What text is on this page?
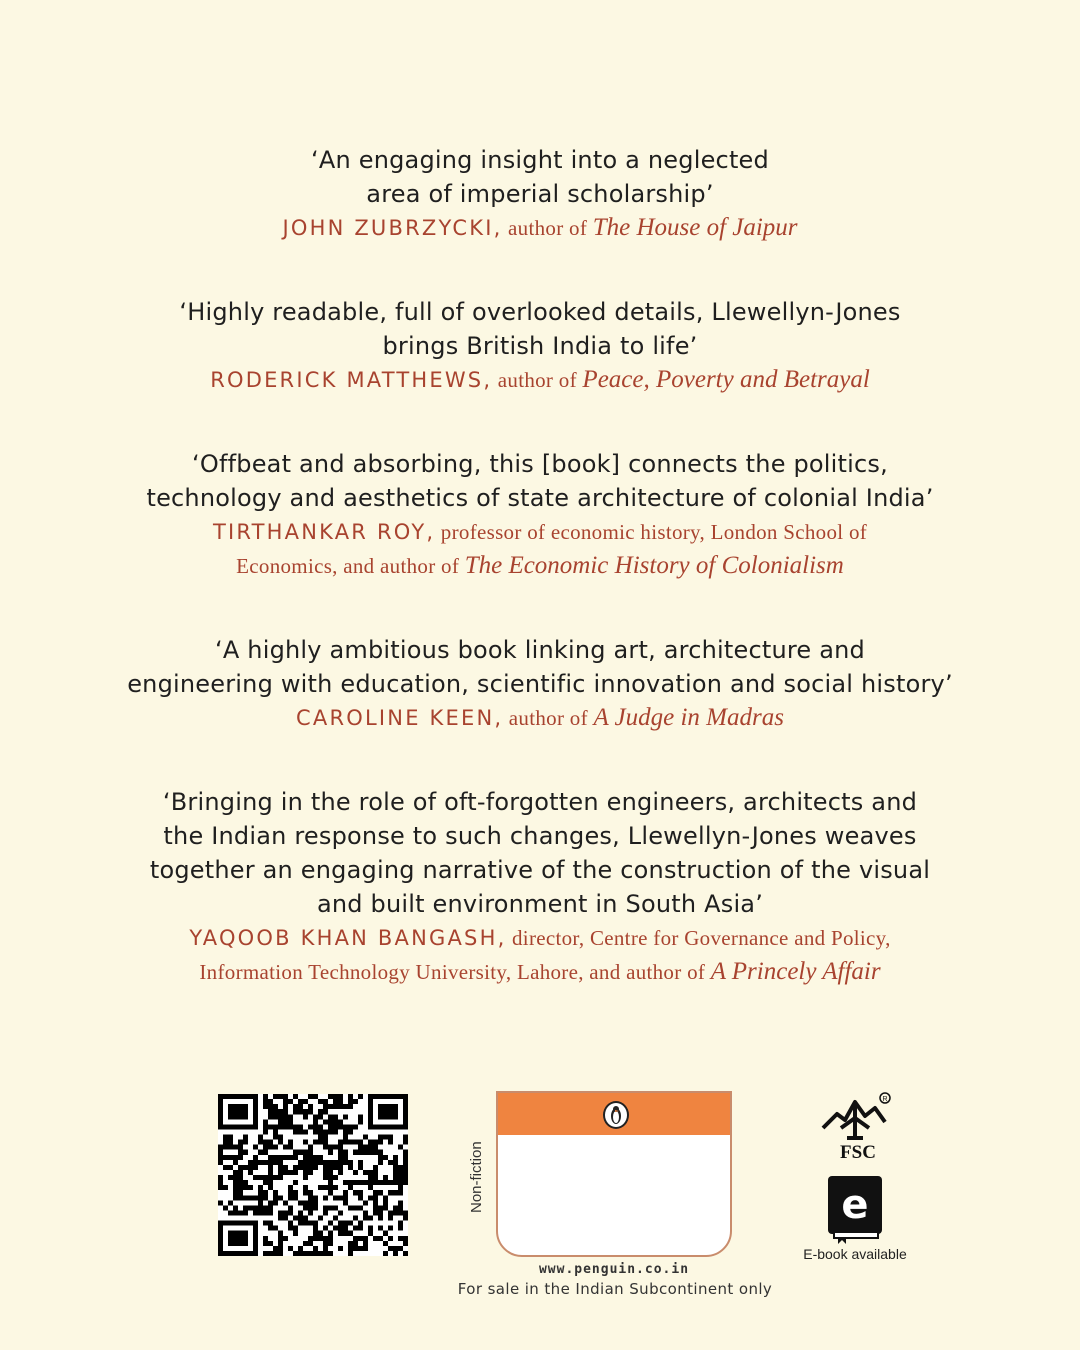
‘An engaging insight into a neglected
area of imperial scholarship’
JOHN ZUBRZYCKI, author of The House of Jaipur
‘Highly readable, full of overlooked details, Llewellyn-Jones
brings British India to life’
RODERICK MATTHEWS, author of Peace, Poverty and Betrayal
‘Offbeat and absorbing, this [book] connects the politics,
technology and aesthetics of state architecture of colonial India’
TIRTHANKAR ROY, professor of economic history, London School of
Economics, and author of The Economic History of Colonialism
‘A highly ambitious book linking art, architecture and
engineering with education, scientific innovation and social history’
CAROLINE KEEN, author of A Judge in Madras
‘Bringing in the role of oft-forgotten engineers, architects and
the Indian response to such changes, Llewellyn-Jones weaves
together an engaging narrative of the construction of the visual
and built environment in South Asia’
YAQOOB KHAN BANGASH, director, Centre for Governance and Policy,
Information Technology University, Lahore, and author of A Princely Affair
Non-fiction
www.penguin.co.in
For sale in the Indian Subcontinent only
R
FSC
e
E-book available
